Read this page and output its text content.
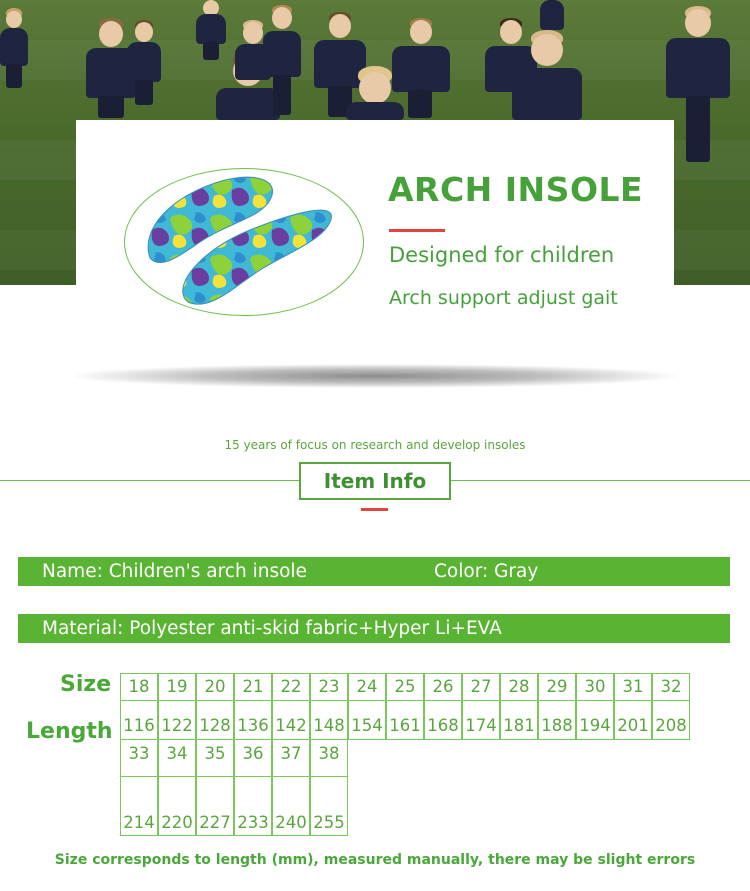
ARCH INSOLE
Designed for children
Arch support adjust gait
15 years of focus on research and develop insoles
Item Info
Name: Children's arch insole	Color: Gray
Material: Polyester anti-skid fabric+Hyper Li+EVA
Size
Length
18	19	20	21	22	23	24	25	26	27	28	29	30	31	32
116 122 128 136 142 148 154 161 168 174 181 188 194 201 208
33	34	35	36	37	38
214 220 227 233 240 255
Size corresponds to length (mm), measured manually, there may be slight errors
